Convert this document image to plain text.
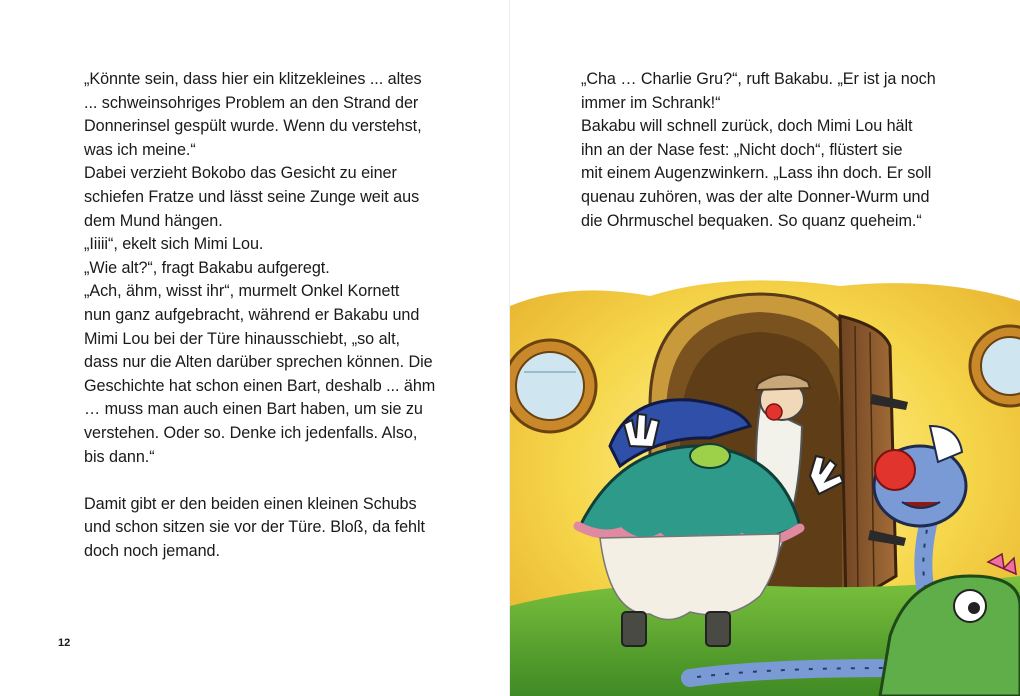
„Könnte sein, dass hier ein klitzekleines ... altes

... schweinsohriges Problem an den Strand der

Donnerinsel gespült wurde. Wenn du verstehst,

was ich meine.“

Dabei verzieht Bokobo das Gesicht zu einer

schiefen Fratze und lässt seine Zunge weit aus

dem Mund hängen.

„Iiiii“, ekelt sich Mimi Lou.

„Wie alt?“, fragt Bakabu aufgeregt.

„Ach, ähm, wisst ihr“, murmelt Onkel Kornett

nun ganz aufgebracht, während er Bakabu und

Mimi Lou bei der Türe hinausschiebt, „so alt,

dass nur die Alten darüber sprechen können. Die

Geschichte hat schon einen Bart, deshalb ... ähm

… muss man auch einen Bart haben, um sie zu

verstehen. Oder so. Denke ich jedenfalls. Also,

bis dann.“

Damit gibt er den beiden einen kleinen Schubs

und schon sitzen sie vor der Türe. Bloß, da fehlt

doch noch jemand.

12

„Cha … Charlie Gru?“, ruft Bakabu. „Er ist ja noch

immer im Schrank!“

Bakabu will schnell zurück, doch Mimi Lou hält

ihn an der Nase fest: „Nicht doch“, flüstert sie

mit einem Augenzwinkern. „Lass ihn doch. Er soll

quenau zuhören, was der alte Donner-Wurm und

die Ohrmuschel bequaken. So quanz queheim.“
